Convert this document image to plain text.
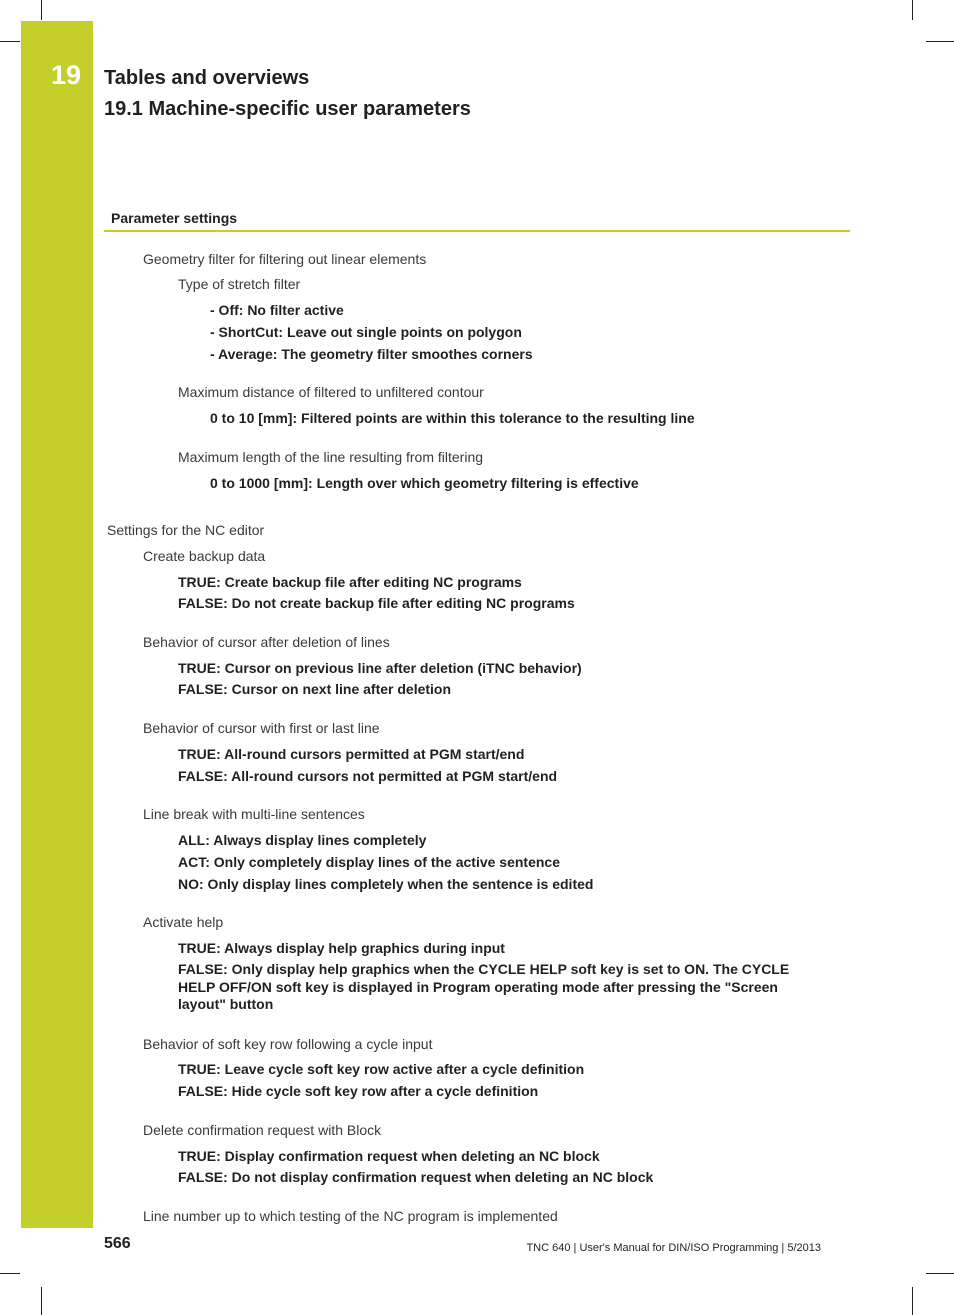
19 Tables and overviews
19.1 Machine-specific user parameters
Parameter settings
Geometry filter for filtering out linear elements
Type of stretch filter
- Off: No filter active
- ShortCut: Leave out single points on polygon
- Average: The geometry filter smoothes corners
Maximum distance of filtered to unfiltered contour
0 to 10 [mm]: Filtered points are within this tolerance to the resulting line
Maximum length of the line resulting from filtering
0 to 1000 [mm]: Length over which geometry filtering is effective
Settings for the NC editor
Create backup data
TRUE: Create backup file after editing NC programs
FALSE: Do not create backup file after editing NC programs
Behavior of cursor after deletion of lines
TRUE: Cursor on previous line after deletion (iTNC behavior)
FALSE: Cursor on next line after deletion
Behavior of cursor with first or last line
TRUE: All-round cursors permitted at PGM start/end
FALSE: All-round cursors not permitted at PGM start/end
Line break with multi-line sentences
ALL: Always display lines completely
ACT: Only completely display lines of the active sentence
NO: Only display lines completely when the sentence is edited
Activate help
TRUE: Always display help graphics during input
FALSE: Only display help graphics when the CYCLE HELP soft key is set to ON. The CYCLE HELP OFF/ON soft key is displayed in Program operating mode after pressing the "Screen layout" button
Behavior of soft key row following a cycle input
TRUE: Leave cycle soft key row active after a cycle definition
FALSE: Hide cycle soft key row after a cycle definition
Delete confirmation request with Block
TRUE: Display confirmation request when deleting an NC block
FALSE: Do not display confirmation request when deleting an NC block
Line number up to which testing of the NC program is implemented
566	TNC 640 | User's Manual for DIN/ISO Programming | 5/2013
